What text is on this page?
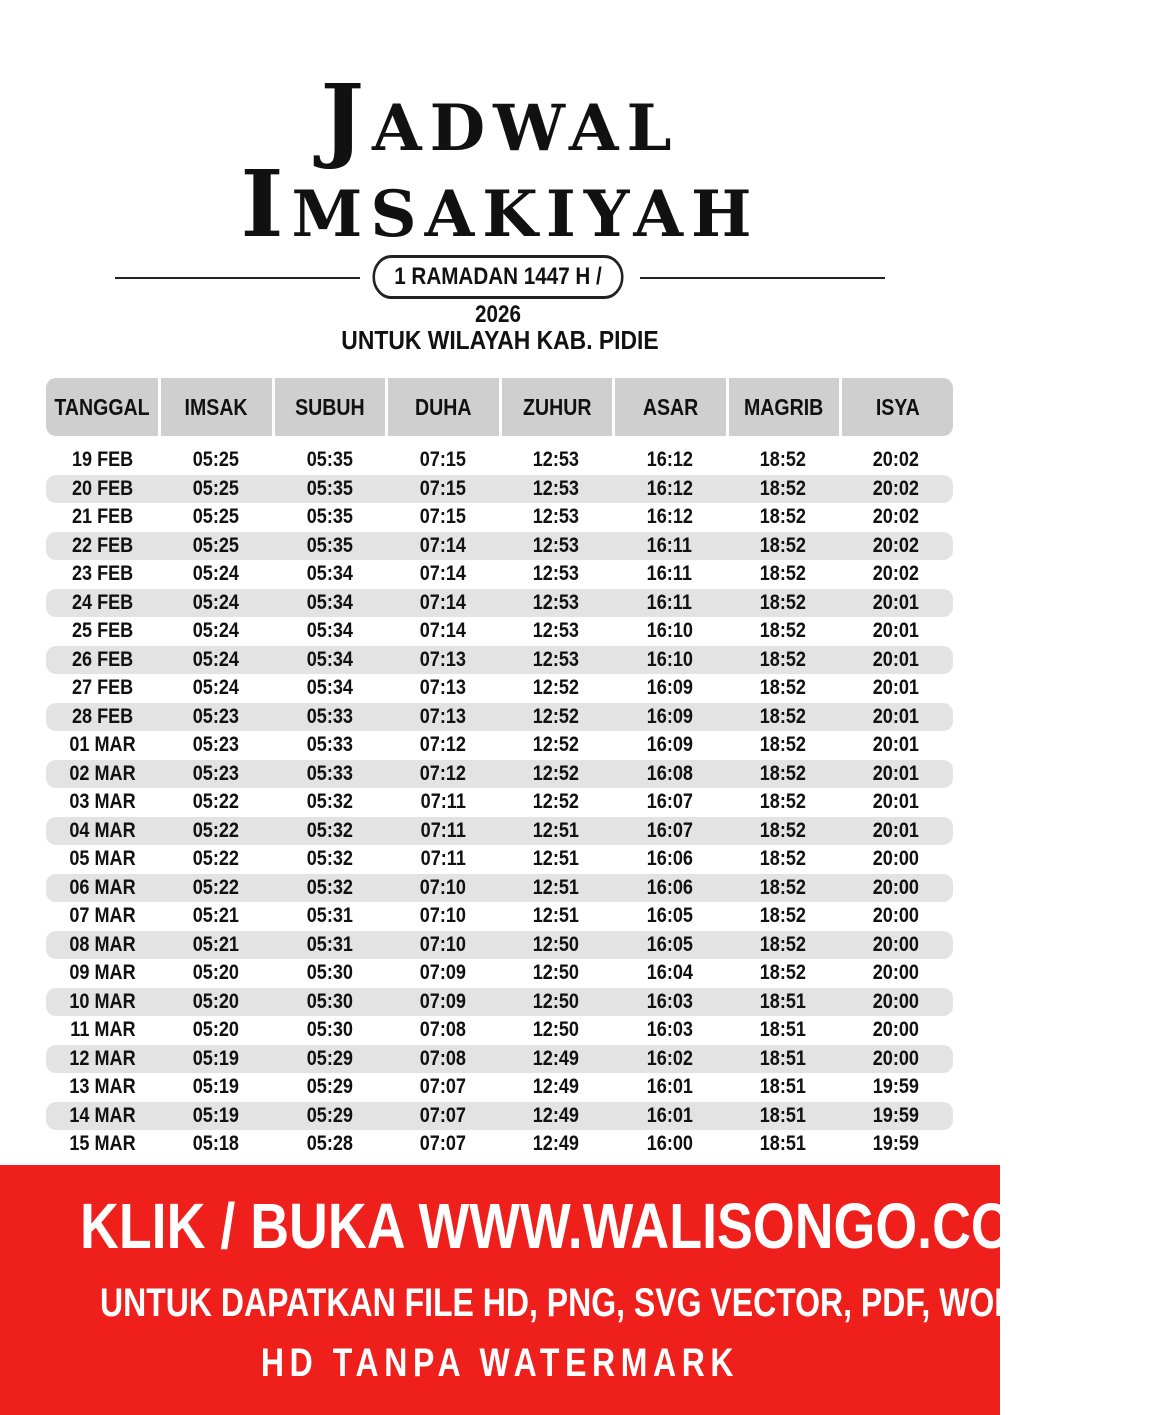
Jadwal
Imsakiyah
1 RAMADAN 1447 H / 2026
UNTUK WILAYAH KAB. PIDIE
TANGGAL	IMSAK	SUBUH	DUHA	ZUHUR	ASAR	MAGRIB	ISYA
19 FEB	05:25	05:35	07:15	12:53	16:12	18:52	20:02
20 FEB	05:25	05:35	07:15	12:53	16:12	18:52	20:02
21 FEB	05:25	05:35	07:15	12:53	16:12	18:52	20:02
22 FEB	05:25	05:35	07:14	12:53	16:11	18:52	20:02
23 FEB	05:24	05:34	07:14	12:53	16:11	18:52	20:02
24 FEB	05:24	05:34	07:14	12:53	16:11	18:52	20:01
25 FEB	05:24	05:34	07:14	12:53	16:10	18:52	20:01
26 FEB	05:24	05:34	07:13	12:53	16:10	18:52	20:01
27 FEB	05:24	05:34	07:13	12:52	16:09	18:52	20:01
28 FEB	05:23	05:33	07:13	12:52	16:09	18:52	20:01
01 MAR	05:23	05:33	07:12	12:52	16:09	18:52	20:01
02 MAR	05:23	05:33	07:12	12:52	16:08	18:52	20:01
03 MAR	05:22	05:32	07:11	12:52	16:07	18:52	20:01
04 MAR	05:22	05:32	07:11	12:51	16:07	18:52	20:01
05 MAR	05:22	05:32	07:11	12:51	16:06	18:52	20:00
06 MAR	05:22	05:32	07:10	12:51	16:06	18:52	20:00
07 MAR	05:21	05:31	07:10	12:51	16:05	18:52	20:00
08 MAR	05:21	05:31	07:10	12:50	16:05	18:52	20:00
09 MAR	05:20	05:30	07:09	12:50	16:04	18:52	20:00
10 MAR	05:20	05:30	07:09	12:50	16:03	18:51	20:00
11 MAR	05:20	05:30	07:08	12:50	16:03	18:51	20:00
12 MAR	05:19	05:29	07:08	12:49	16:02	18:51	20:00
13 MAR	05:19	05:29	07:07	12:49	16:01	18:51	19:59
14 MAR	05:19	05:29	07:07	12:49	16:01	18:51	19:59
15 MAR	05:18	05:28	07:07	12:49	16:00	18:51	19:59
KLIK / BUKA WWW.WALISONGO.CO.ID
UNTUK DAPATKAN FILE HD, PNG, SVG VECTOR, PDF, WORD, EXCEL
HD TANPA WATERMARK
